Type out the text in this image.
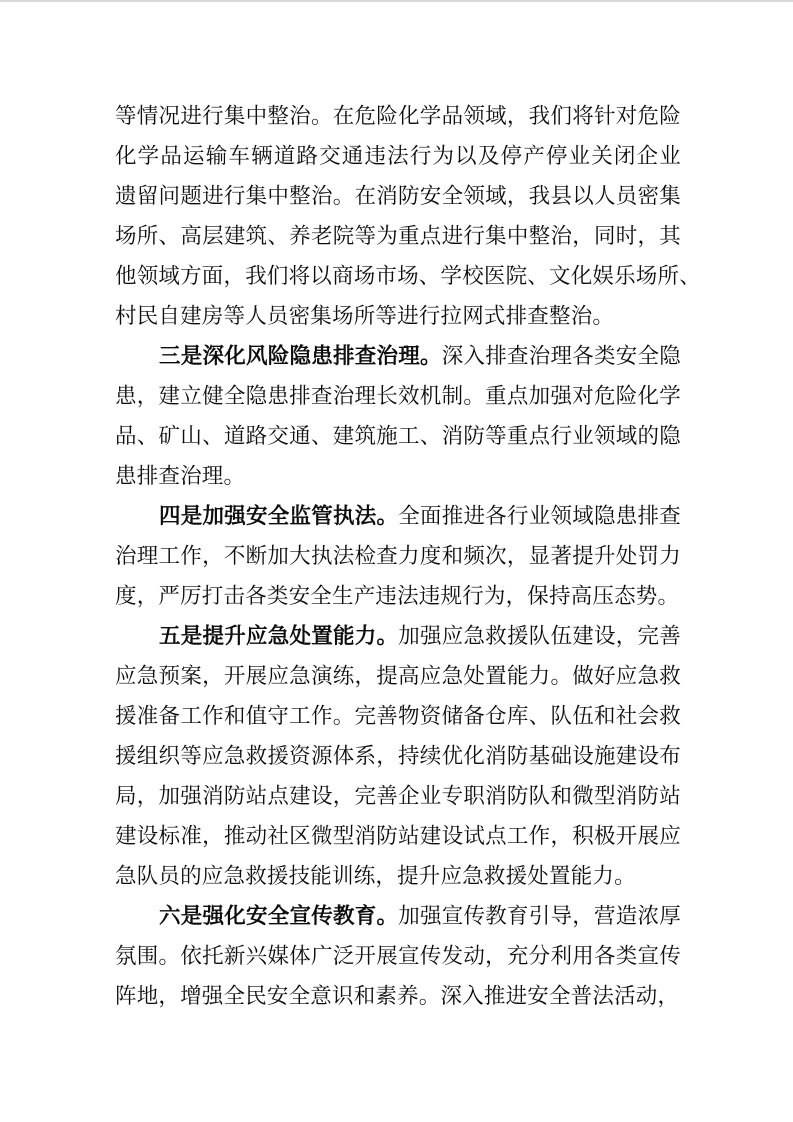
等情况进行集中整治。在危险化学品领域，我们将针对危险
化学品运输车辆道路交通违法行为以及停产停业关闭企业
遗留问题进行集中整治。在消防安全领域，我县以人员密集
场所、高层建筑、养老院等为重点进行集中整治，同时，其
他领域方面，我们将以商场市场、学校医院、文化娱乐场所、
村民自建房等人员密集场所等进行拉网式排查整治。
三是深化风险隐患排查治理。深入排查治理各类安全隐
患，建立健全隐患排查治理长效机制。重点加强对危险化学
品、矿山、道路交通、建筑施工、消防等重点行业领域的隐
患排查治理。
四是加强安全监管执法。全面推进各行业领域隐患排查
治理工作，不断加大执法检查力度和频次，显著提升处罚力
度，严厉打击各类安全生产违法违规行为，保持高压态势。
五是提升应急处置能力。加强应急救援队伍建设，完善
应急预案，开展应急演练，提高应急处置能力。做好应急救
援准备工作和值守工作。完善物资储备仓库、队伍和社会救
援组织等应急救援资源体系，持续优化消防基础设施建设布
局，加强消防站点建设，完善企业专职消防队和微型消防站
建设标准，推动社区微型消防站建设试点工作，积极开展应
急队员的应急救援技能训练，提升应急救援处置能力。
六是强化安全宣传教育。加强宣传教育引导，营造浓厚
氛围。依托新兴媒体广泛开展宣传发动，充分利用各类宣传
阵地，增强全民安全意识和素养。深入推进安全普法活动，
